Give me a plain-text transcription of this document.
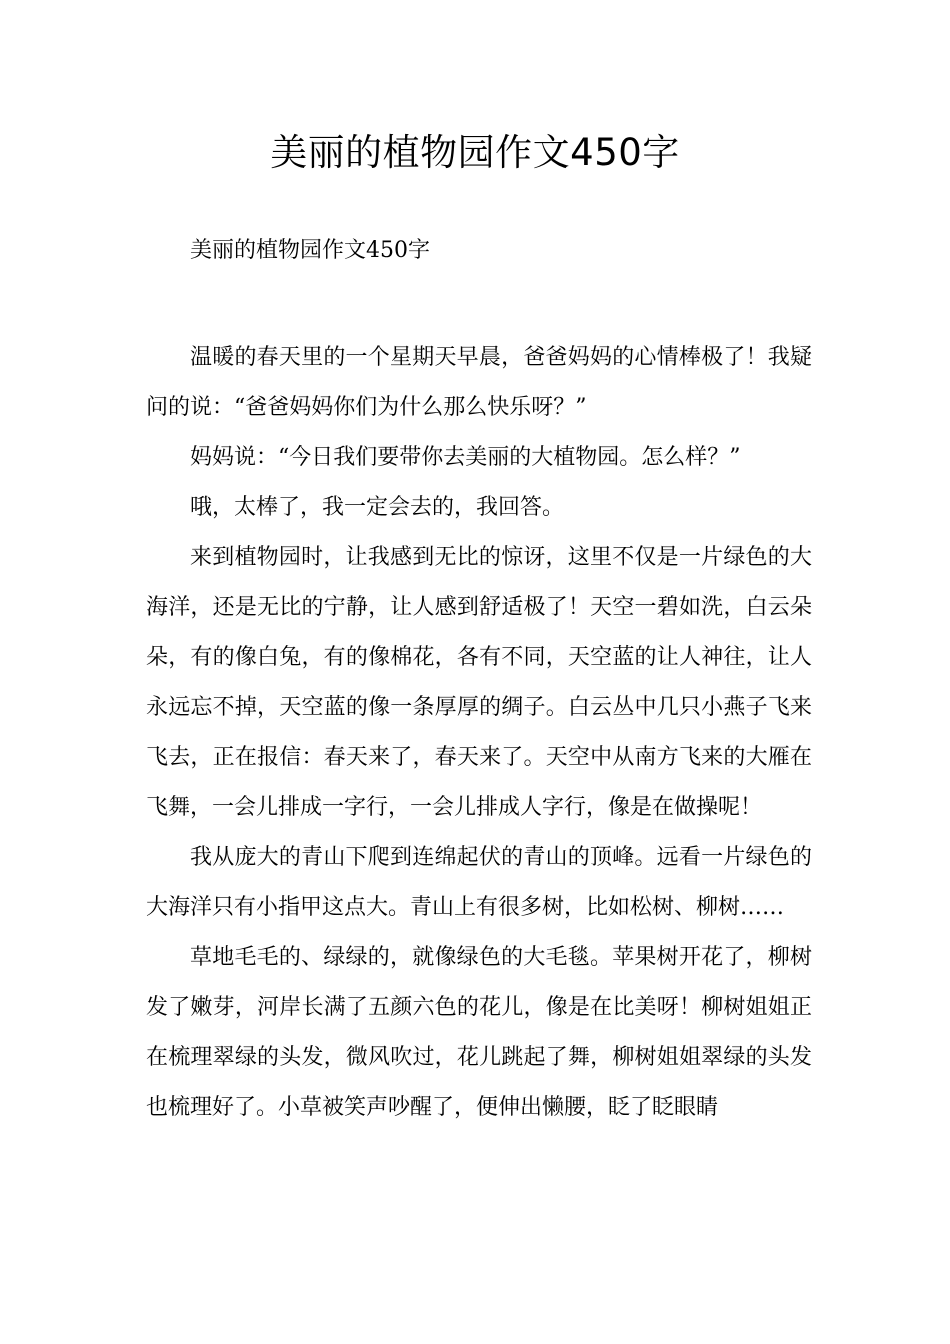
美丽的植物园作文450字

美丽的植物园作文450字

温暖的春天里的一个星期天早晨，爸爸妈妈的心情棒极了！我疑问的说：“爸爸妈妈你们为什么那么快乐呀？”

妈妈说：“今日我们要带你去美丽的大植物园。怎么样？”

哦，太棒了，我一定会去的，我回答。

来到植物园时，让我感到无比的惊讶，这里不仅是一片绿色的大海洋，还是无比的宁静，让人感到舒适极了！天空一碧如洗，白云朵朵，有的像白兔，有的像棉花，各有不同，天空蓝的让人神往，让人永远忘不掉，天空蓝的像一条厚厚的绸子。白云丛中几只小燕子飞来飞去，正在报信：春天来了，春天来了。天空中从南方飞来的大雁在飞舞，一会儿排成一字行，一会儿排成人字行，像是在做操呢！

我从庞大的青山下爬到连绵起伏的青山的顶峰。远看一片绿色的大海洋只有小指甲这点大。青山上有很多树，比如松树、柳树……

草地毛毛的、绿绿的，就像绿色的大毛毯。苹果树开花了，柳树发了嫩芽，河岸长满了五颜六色的花儿，像是在比美呀！柳树姐姐正在梳理翠绿的头发，微风吹过，花儿跳起了舞，柳树姐姐翠绿的头发也梳理好了。小草被笑声吵醒了，便伸出懒腰，眨了眨眼睛
